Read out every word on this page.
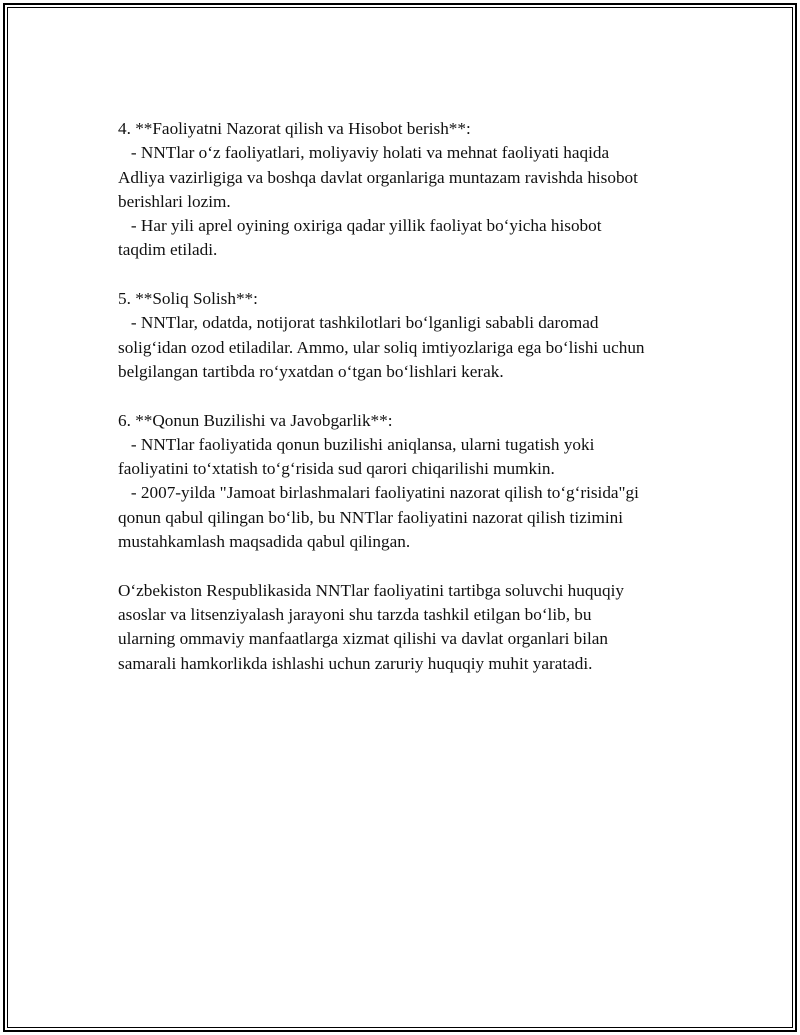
4. **Faoliyatni Nazorat qilish va Hisobot berish**:
- NNTlar o‘z faoliyatlari, moliyaviy holati va mehnat faoliyati haqida
Adliya vazirligiga va boshqa davlat organlariga muntazam ravishda hisobot
berishlari lozim.
- Har yili aprel oyining oxiriga qadar yillik faoliyat bo‘yicha hisobot
taqdim etiladi.
5. **Soliq Solish**:
- NNTlar, odatda, notijorat tashkilotlari bo‘lganligi sababli daromad
solig‘idan ozod etiladilar. Ammo, ular soliq imtiyozlariga ega bo‘lishi uchun
belgilangan tartibda ro‘yxatdan o‘tgan bo‘lishlari kerak.
6. **Qonun Buzilishi va Javobgarlik**:
- NNTlar faoliyatida qonun buzilishi aniqlansa, ularni tugatish yoki
faoliyatini to‘xtatish to‘g‘risida sud qarori chiqarilishi mumkin.
- 2007-yilda "Jamoat birlashmalari faoliyatini nazorat qilish to‘g‘risida"gi
qonun qabul qilingan bo‘lib, bu NNTlar faoliyatini nazorat qilish tizimini
mustahkamlash maqsadida qabul qilingan.
O‘zbekiston Respublikasida NNTlar faoliyatini tartibga soluvchi huquqiy
asoslar va litsenziyalash jarayoni shu tarzda tashkil etilgan bo‘lib, bu
ularning ommaviy manfaatlarga xizmat qilishi va davlat organlari bilan
samarali hamkorlikda ishlashi uchun zaruriy huquqiy muhit yaratadi.
